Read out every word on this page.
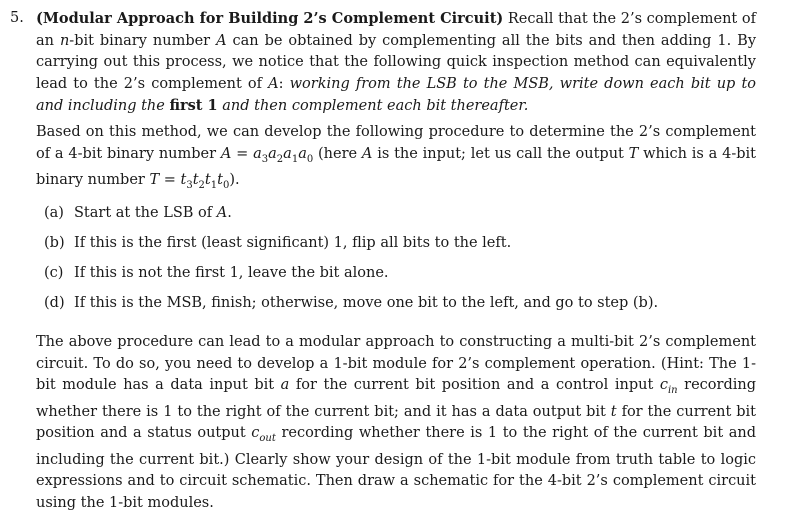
5. (Modular Approach for Building 2’s Complement Circuit) Recall that the 2’s complement of an n-bit binary number A can be obtained by complementing all the bits and then adding 1. By carrying out this process, we notice that the following quick inspection method can equivalently lead to the 2’s complement of A: working from the LSB to the MSB, write down each bit up to and including the first 1 and then complement each bit thereafter.

Based on this method, we can develop the following procedure to determine the 2’s complement of a 4-bit binary number $A = a_3a_2a_1a_0$ (here A is the input; let us call the output T which is a 4-bit binary number $T = t_3t_2t_1t_0$).

(a) Start at the LSB of A.
(b) If this is the first (least significant) 1, flip all bits to the left.
(c) If this is not the first 1, leave the bit alone.
(d) If this is the MSB, finish; otherwise, move one bit to the left, and go to step (b).

The above procedure can lead to a modular approach to constructing a multi-bit 2’s complement circuit. To do so, you need to develop a 1-bit module for 2’s complement operation. (Hint: The 1-bit module has a data input bit a for the current bit position and a control input $c_{in}$ recording whether there is 1 to the right of the current bit; and it has a data output bit t for the current bit position and a status output $c_{out}$ recording whether there is 1 to the right of the current bit and including the current bit.) Clearly show your design of the 1-bit module from truth table to logic expressions and to circuit schematic. Then draw a schematic for the 4-bit 2’s complement circuit using the 1-bit modules.
